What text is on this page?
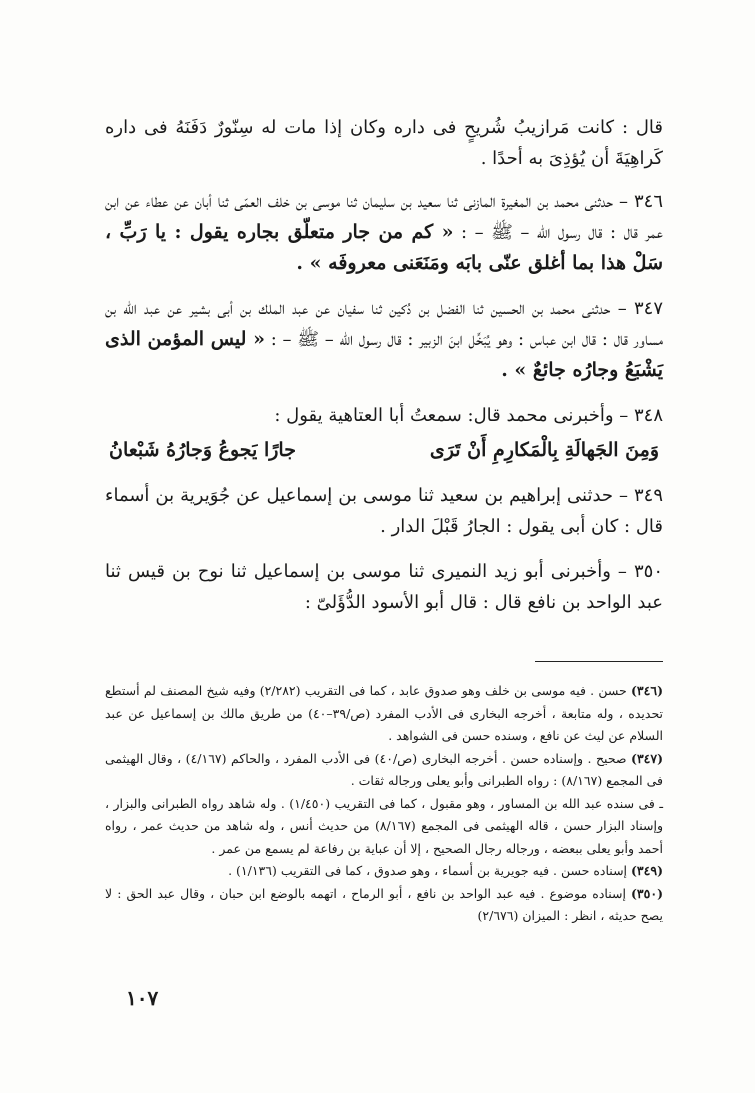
قال : كانت مَرازيبُ شُريحٍ فى داره وكان إذا مات له سِنّورٌ دَفَنَهُ فى داره كَراهِيَةَ أن يُؤذِىَ به أحدًا .

٣٤٦ – حدثنى محمد بن المغيرة المازنى ثنا سعيد بن سليمان ثنا موسى بن خلف العمّى ثنا أبان عن عطاء عن ابن عمر قال : قال رسول الله – ﷺ – : « كم من جار متعلّق بجاره يقول : يا رَبِّ ، سَلْ هذا بما أغلق عنّى بابَه ومَنَعَنى معروفَه » .

٣٤٧ – حدثنى محمد بن الحسين ثنا الفضل بن دُكين ثنا سفيان عن عبد الملك بن أبى بشير عن عبد الله بن مساور قال : قال ابن عباس : وهو يُبَخِّل ابنَ الزبير : قال رسول الله – ﷺ – : « ليس المؤمن الذى يَشْبَعُ وجارُه جائعٌ » .

٣٤٨ – وأخبرنى محمد قال: سمعتُ أبا العتاهية يقول :

وَمِنَ الجَهالَةِ بِالْمَكارِمِ أَنْ تَرَى
جارًا يَجوعُ وَجارُهُ شَبْعانُ

٣٤٩ – حدثنى إبراهيم بن سعيد ثنا موسى بن إسماعيل عن جُوَيرية بن أسماء قال : كان أبى يقول : الجارُ قَبْلَ الدار .

٣٥٠ – وأخبرنى أبو زيد النميرى ثنا موسى بن إسماعيل ثنا نوح بن قيس ثنا عبد الواحد بن نافع قال : قال أبو الأسود الدُّؤَلىّ :

(٣٤٦) حسن . فيه موسى بن خلف وهو صدوق عابد ، كما فى التقريب (٢/٢٨٢) وفيه شيخ المصنف لم أستطع تحديده ، وله متابعة ، أخرجه البخارى فى الأدب المفرد (ص/٣٩–٤٠) من طريق مالك بن إسماعيل عن عبد السلام عن ليث عن نافع ، وسنده حسن فى الشواهد .

(٣٤٧) صحيح . وإسناده حسن . أخرجه البخارى (ص/٤٠) فى الأدب المفرد ، والحاكم (٤/١٦٧) ، وقال الهيثمى فى المجمع (٨/١٦٧) : رواه الطبرانى وأبو يعلى ورجاله ثقات .

ـ فى سنده عبد الله بن المساور ، وهو مقبول ، كما فى التقريب (١/٤٥٠) . وله شاهد رواه الطبرانى والبزار ، وإسناد البزار حسن ، قاله الهيثمى فى المجمع (٨/١٦٧) من حديث أنس ، وله شاهد من حديث عمر ، رواه أحمد وأبو يعلى ببعضه ، ورجاله رجال الصحيح ، إلا أن عباية بن رفاعة لم يسمع من عمر .

(٣٤٩) إسناده حسن . فيه جويرية بن أسماء ، وهو صدوق ، كما فى التقريب (١/١٣٦) .

(٣٥٠) إسناده موضوع . فيه عبد الواحد بن نافع ، أبو الرماح ، اتهمه بالوضع ابن حبان ، وقال عبد الحق : لا يصح حديثه ، انظر : الميزان (٢/٦٧٦)

١٠٧
